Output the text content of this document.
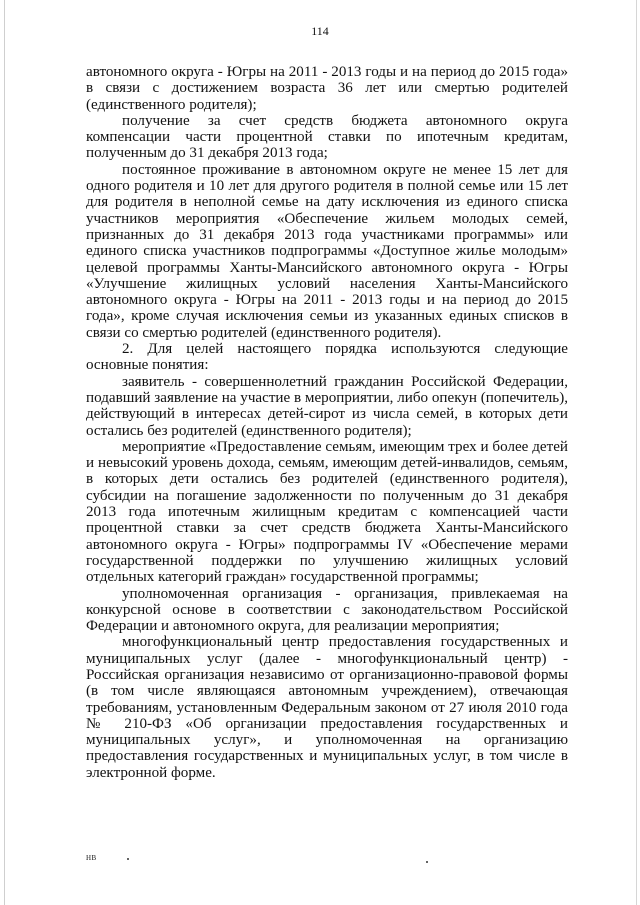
114

автономного округа - Югры на 2011 - 2013 годы и на период до 2015 года» в связи с достижением возраста 36 лет или смертью родителей (единственного родителя);

получение за счет средств бюджета автономного округа компенсации части процентной ставки по ипотечным кредитам, полученным до 31 декабря 2013 года;

постоянное проживание в автономном округе не менее 15 лет для одного родителя и 10 лет для другого родителя в полной семье или 15 лет для родителя в неполной семье на дату исключения из единого списка участников мероприятия «Обеспечение жильем молодых семей, признанных до 31 декабря 2013 года участниками программы» или единого списка участников подпрограммы «Доступное жилье молодым» целевой программы Ханты-Мансийского автономного округа - Югры «Улучшение жилищных условий населения Ханты-Мансийского автономного округа - Югры на 2011 - 2013 годы и на период до 2015 года», кроме случая исключения семьи из указанных единых списков в связи со смертью родителей (единственного родителя).

2. Для целей настоящего порядка используются следующие основные понятия:

заявитель - совершеннолетний гражданин Российской Федерации, подавший заявление на участие в мероприятии, либо опекун (попечитель), действующий в интересах детей-сирот из числа семей, в которых дети остались без родителей (единственного родителя);

мероприятие «Предоставление семьям, имеющим трех и более детей и невысокий уровень дохода, семьям, имеющим детей-инвалидов, семьям, в которых дети остались без родителей (единственного родителя), субсидии на погашение задолженности по полученным до 31 декабря 2013 года ипотечным жилищным кредитам с компенсацией части процентной ставки за счет средств бюджета Ханты-Мансийского автономного округа - Югры» подпрограммы IV «Обеспечение мерами государственной поддержки по улучшению жилищных условий отдельных категорий граждан» государственной программы;

уполномоченная организация - организация, привлекаемая на конкурсной основе в соответствии с законодательством Российской Федерации и автономного округа, для реализации мероприятия;

многофункциональный центр предоставления государственных и муниципальных услуг (далее - многофункциональный центр) - Российская организация независимо от организационно-правовой формы (в том числе являющаяся автономным учреждением), отвечающая требованиям, установленным Федеральным законом от 27 июля 2010 года № 210-ФЗ «Об организации предоставления государственных и муниципальных услуг», и уполномоченная на организацию предоставления государственных и муниципальных услуг, в том числе в электронной форме.

НВ
